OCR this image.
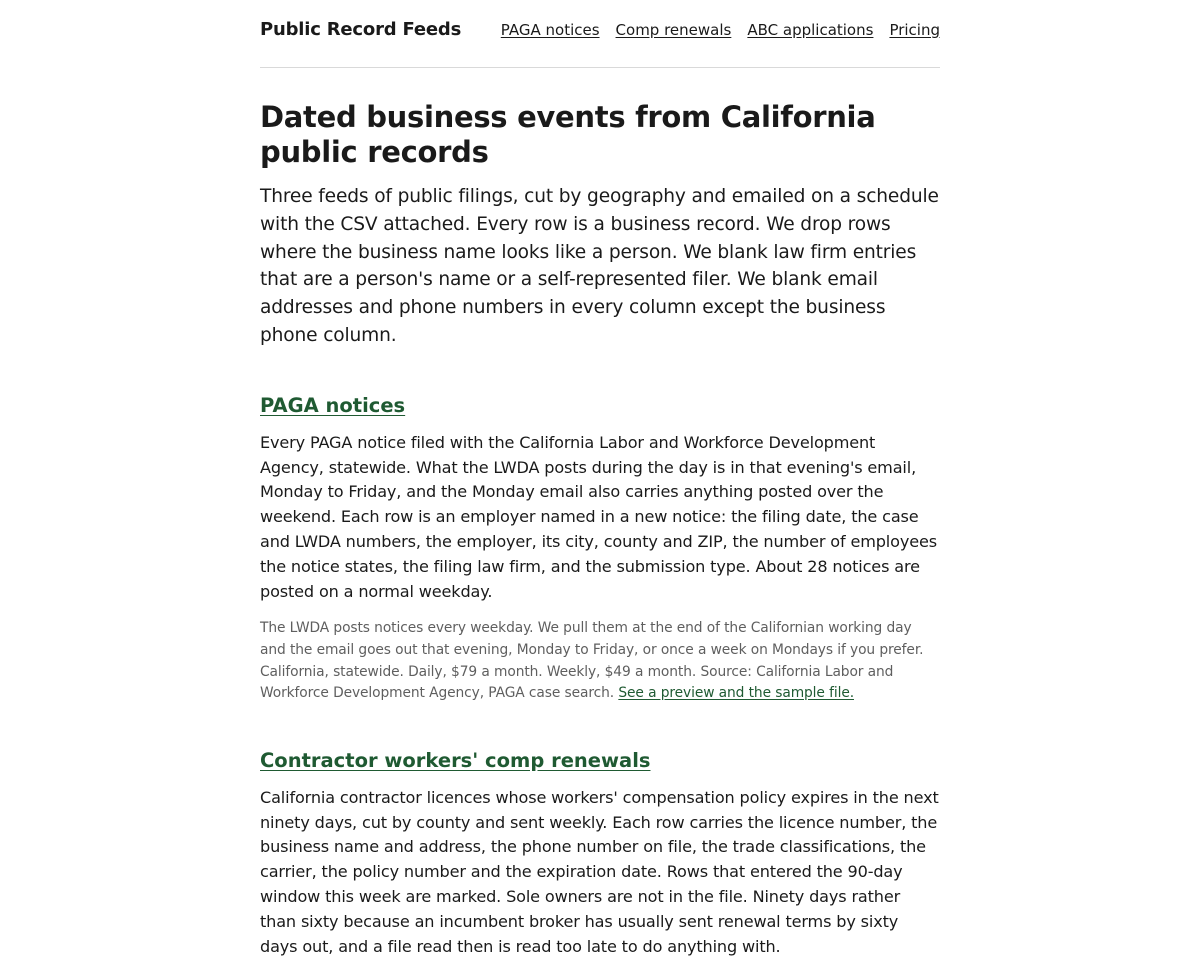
Public Record Feeds	PAGA notices Comp renewals ABC applications Pricing
Dated business events from California public records

Three feeds of public filings, cut by geography and emailed on a schedule with the CSV attached. Every row is a business record. We drop rows where the business name looks like a person. We blank law firm entries that are a person's name or a self-represented filer. We blank email addresses and phone numbers in every column except the business phone column.

PAGA notices

Every PAGA notice filed with the California Labor and Workforce Development Agency, statewide. What the LWDA posts during the day is in that evening's email, Monday to Friday, and the Monday email also carries anything posted over the weekend. Each row is an employer named in a new notice: the filing date, the case and LWDA numbers, the employer, its city, county and ZIP, the number of employees the notice states, the filing law firm, and the submission type. About 28 notices are posted on a normal weekday.

The LWDA posts notices every weekday. We pull them at the end of the Californian working day and the email goes out that evening, Monday to Friday, or once a week on Mondays if you prefer. California, statewide. Daily, $79 a month. Weekly, $49 a month. Source: California Labor and Workforce Development Agency, PAGA case search. See a preview and the sample file.

Contractor workers' comp renewals

California contractor licences whose workers' compensation policy expires in the next ninety days, cut by county and sent weekly. Each row carries the licence number, the business name and address, the phone number on file, the trade classifications, the carrier, the policy number and the expiration date. Rows that entered the 90-day window this week are marked. Sole owners are not in the file. Ninety days rather than sixty because an incumbent broker has usually sent renewal terms by sixty days out, and a file read then is read too late to do anything with.
